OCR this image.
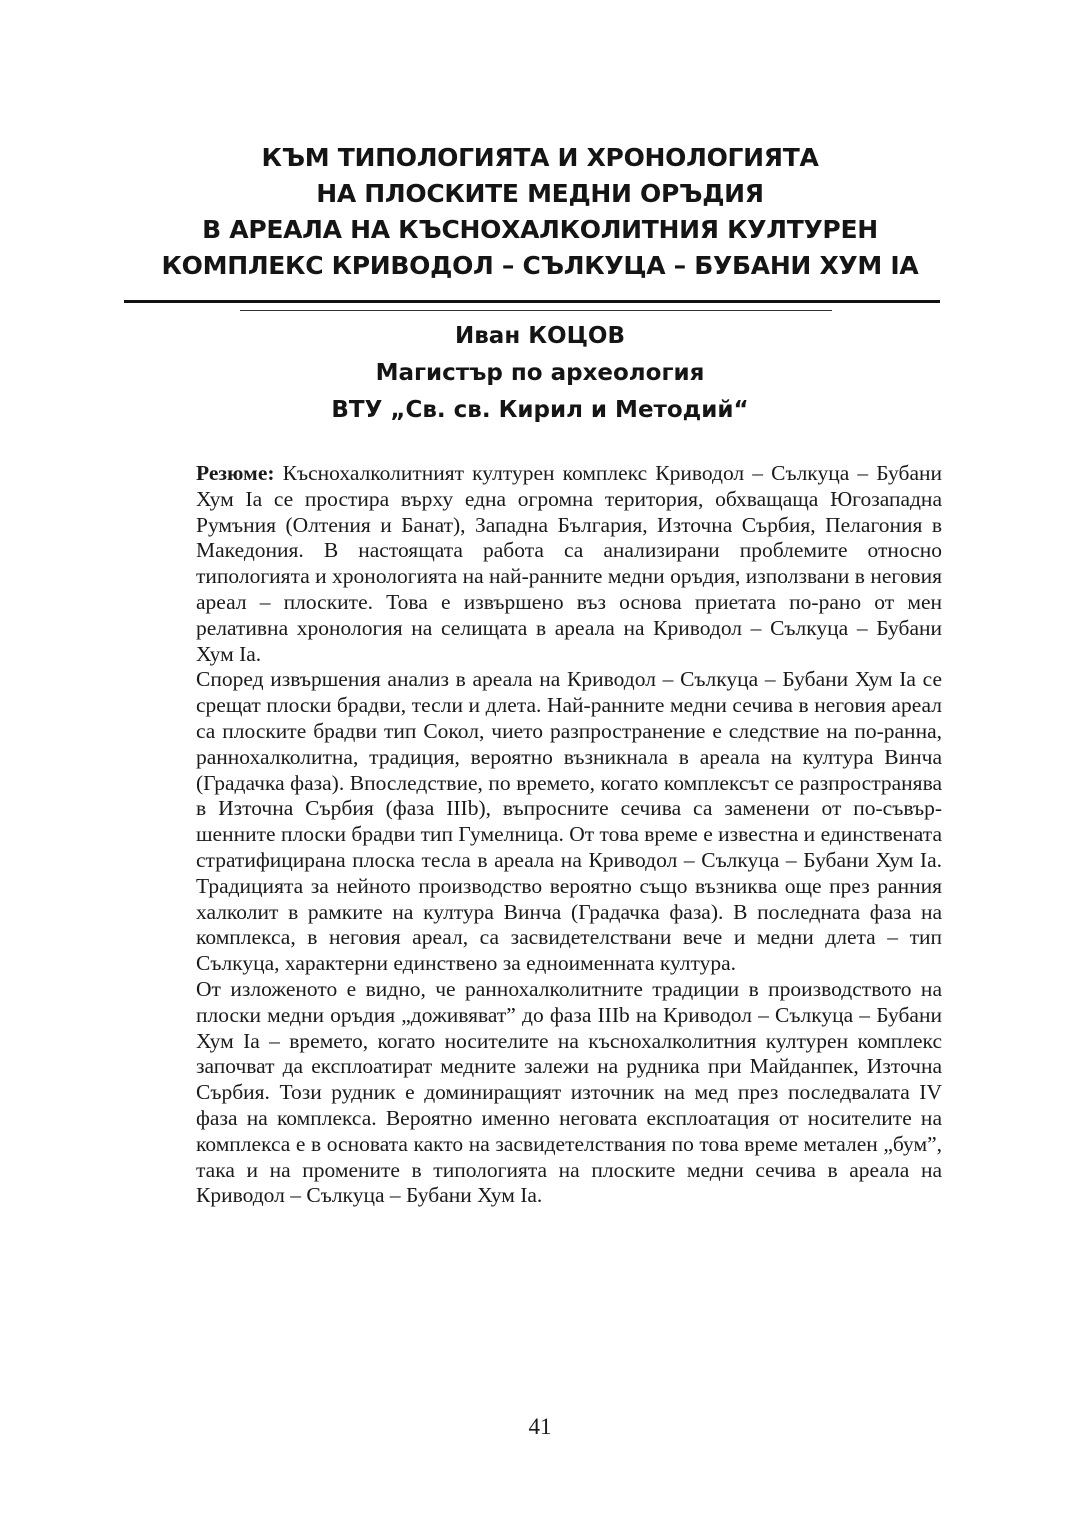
КЪМ ТИПОЛОГИЯТА И ХРОНОЛОГИЯТА
НА ПЛОСКИТЕ МЕДНИ ОРЪДИЯ
В АРЕАЛА НА КЪСНОХАЛКОЛИТНИЯ КУЛТУРЕН
КОМПЛЕКС КРИВОДОЛ – СЪЛКУЦА – БУБАНИ ХУМ IA
Иван КОЦОВ
Магистър по археология
ВТУ „Св. св. Кирил и Методий“

Резюме: Къснохалколитният културен комплекс Криводол – Сълкуца – Бубани Хум Ia се простира върху една огромна територия, обхващаща Югозападна Румъния (Олтения и Банат), Западна България, Източна Сърбия, Пелагония в Македония. В настоящата работа са анализирани проблемите относно типологията и хронологията на най-ранните медни оръдия, използвани в неговия ареал – плоските. Това е извършено въз основа приетата по-рано от мен релативна хронология на селищата в ареала на Криводол – Сълкуца – Бубани Хум Ia.

Според извършения анализ в ареала на Криводол – Сълкуца – Бубани Хум Ia се срещат плоски брадви, тесли и длета. Най-ранните медни сечива в неговия ареал са плоските брадви тип Сокол, чието разпространение е следствие на по-ранна, раннохалколитна, традиция, вероятно възникнала в ареала на култура Винча (Градачка фаза). Впоследствие, по времето, когато комплексът се разпространява в Източна Сърбия (фаза IIIb), въпросните сечива са заменени от по-съвършенните плоски брадви тип Гумелница. От това време е известна и единствената стратифицирана плоска тесла в ареала на Криводол – Сълкуца – Бубани Хум Ia. Традицията за нейното производство вероятно също възниква още през ранния халколит в рамките на култура Винча (Градачка фаза). В последната фаза на комплекса, в неговия ареал, са засвидетелствани вече и медни длета – тип Сълкуца, характерни единствено за едноименната култура.

От изложеното е видно, че раннохалколитните традиции в производството на плоски медни оръдия „доживяват” до фаза IIIb на Криводол – Сълкуца – Бубани Хум Ia – времето, когато носителите на къснохалколитния културен комплекс започват да експлоатират медните залежи на рудника при Майданпек, Източна Сърбия. Този рудник е доминиращият източник на мед през последвалата IV фаза на комплекса. Вероятно именно неговата експлоатация от носителите на комплекса е в основата както на засвидетелствания по това време метален „бум”, така и на промените в типологията на плоските медни сечива в ареала на Криводол – Сълкуца – Бубани Хум Ia.

41
